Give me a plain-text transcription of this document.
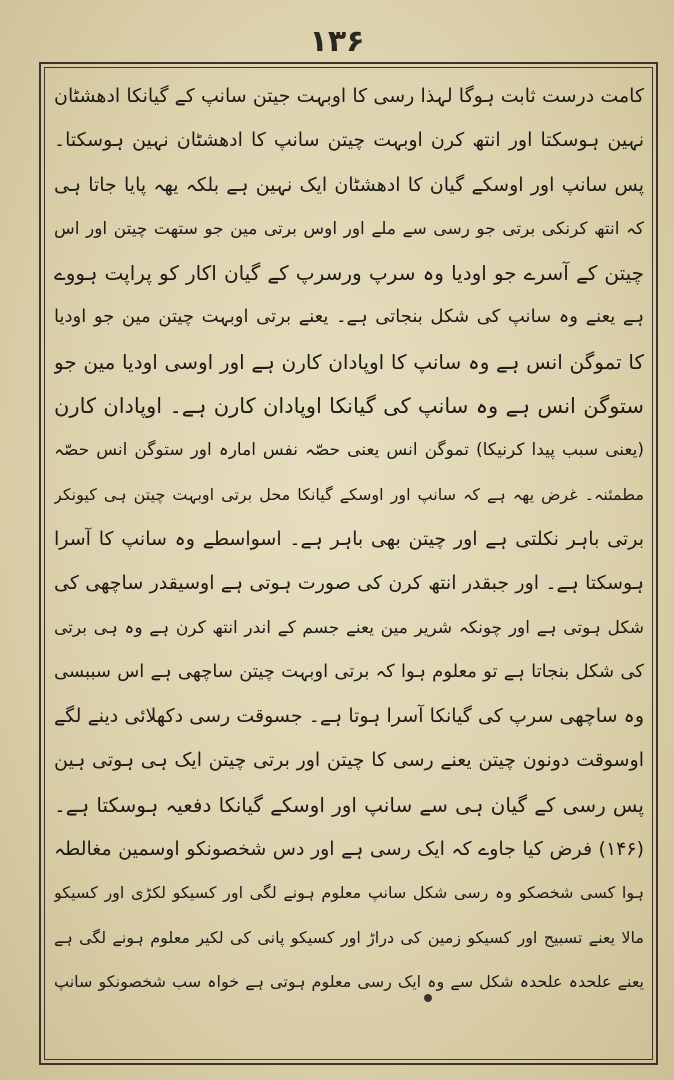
۱۳۶
کامت درست ثابت ہوگا لہذا رسی کا اوبہت جیتن سانپ کے گیانکا ادھشٹان
نہین ہوسکتا اور انتھ کرن اوبہت چیتن سانپ کا ادھشٹان نہین ہوسکتا۔
پس سانپ اور اوسکے گیان کا ادھشٹان ایک نہین ہے بلکہ یھہ پایا جاتا ہی
کہ انتھ کرنکی برتی جو رسی سے ملے اور اوس برتی مین جو ستھت چیتن اور اس
چیتن کے آسرے جو اودیا وہ سرپ ورسرپ کے گیان اکار کو پراپت ہووے
ہے یعنے وہ سانپ کی شکل بنجاتی ہے۔ یعنے برتی اوبہت چیتن مین جو اودیا
کا تموگن انس ہے وہ سانپ کا اوپادان کارن ہے اور اوسی اودیا مین جو
ستوگن انس ہے وہ سانپ کی گیانکا اوپادان کارن ہے۔ اوپادان کارن
(یعنی سبب پیدا کرنیکا) تموگن انس یعنی حصّہ نفس امارہ اور ستوگن انس حصّہ
مطمئنہ۔ غرض یھہ ہے کہ سانپ اور اوسکے گیانکا محل برتی اوبہت چیتن ہی کیونکر
برتی باہر نکلتی ہے اور چیتن بھی باہر ہے۔ اسواسطے وہ سانپ کا آسرا
ہوسکتا ہے۔ اور جبقدر انتھ کرن کی صورت ہوتی ہے اوسیقدر ساچھی کی
شکل ہوتی ہے اور چونکہ شریر مین یعنے جسم کے اندر انتھ کرن ہے وہ ہی برتی
کی شکل بنجاتا ہے تو معلوم ہوا کہ برتی اوبہت چیتن ساچھی ہے اس سببسی
وہ ساچھی سرپ کی گیانکا آسرا ہوتا ہے۔ جسوقت رسی دکھلائی دینے لگے
اوسوقت دونون چیتن یعنے رسی کا چیتن اور برتی چیتن ایک ہی ہوتی ہین
پس رسی کے گیان ہی سے سانپ اور اوسکے گیانکا دفعیہ ہوسکتا ہے۔
(۱۴۶) فرض کیا جاوے کہ ایک رسی ہے اور دس شخصونکو اوسمین مغالطہ
ہوا کسی شخصکو وہ رسی شکل سانپ معلوم ہونے لگی اور کسیکو لکڑی اور کسیکو
مالا یعنے تسبیح اور کسیکو زمین کی دراڑ اور کسیکو پانی کی لکیر معلوم ہونے لگی ہے
یعنے علحدہ علحدہ شکل سے وہ ایک رسی معلوم ہوتی ہے خواہ سب شخصونکو سانپ
